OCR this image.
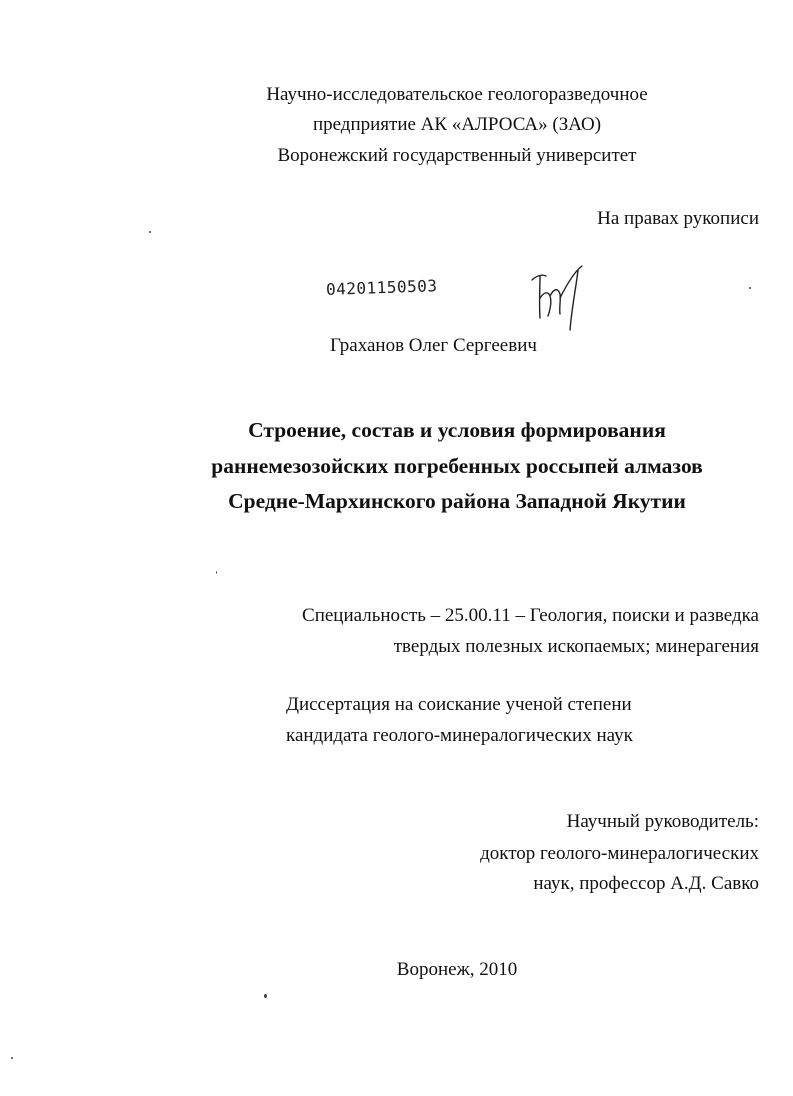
Научно-исследовательское геологоразведочное
предприятие АК «АЛРОСА» (ЗАО)
Воронежский государственный университет
На правах рукописи
04201150503
Граханов Олег Сергеевич
Строение, состав и условия формирования
раннемезозойских погребенных россыпей алмазов
Средне-Мархинского района Западной Якутии
Специальность – 25.00.11 – Геология, поиски и разведка
твердых полезных ископаемых; минерагения
Диссертация на соискание ученой степени
кандидата геолого-минералогических наук
Научный руководитель:
доктор геолого-минералогических
наук, профессор А.Д. Савко
Воронеж, 2010
